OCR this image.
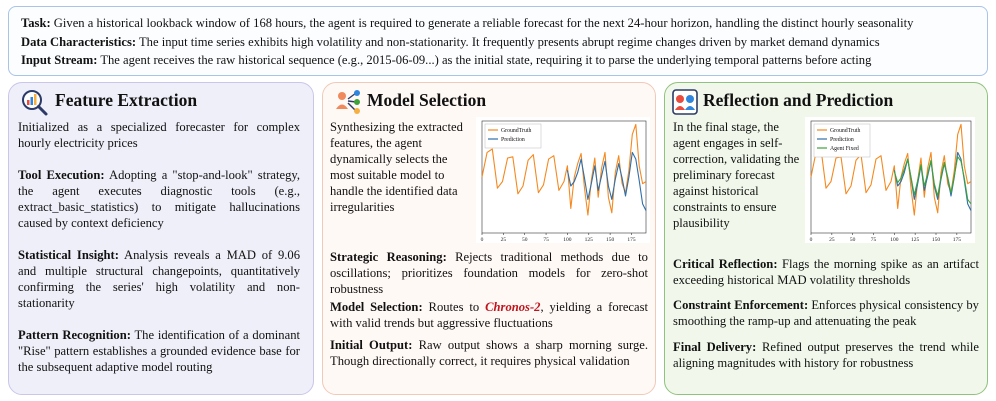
Task: Given a historical lookback window of 168 hours, the agent is required to generate a reliable forecast for the next 24-hour horizon, handling the distinct hourly seasonality
Data Characteristics: The input time series exhibits high volatility and non-stationarity. It frequently presents abrupt regime changes driven by market demand dynamics
Input Stream: The agent receives the raw historical sequence (e.g., 2015-06-09...) as the initial state, requiring it to parse the underlying temporal patterns before acting
Feature Extraction
Initialized as a specialized forecaster for complex hourly electricity prices
Tool Execution: Adopting a "stop-and-look" strategy, the agent executes diagnostic tools (e.g., extract_basic_statistics) to mitigate hallucinations caused by context deficiency
Statistical Insight: Analysis reveals a MAD of 9.06 and multiple structural changepoints, quantitatively confirming the series' high volatility and non-stationarity
Pattern Recognition: The identification of a dominant "Rise" pattern establishes a grounded evidence base for the subsequent adaptive model routing
Model Selection
Synthesizing the extracted features, the agent dynamically selects the most suitable model to handle the identified data irregularities
0	25	50	75	100 125 150 175
GroundTruth
Prediction
Strategic Reasoning: Rejects traditional methods due to oscillations; prioritizes foundation models for zero-shot robustness
Model Selection: Routes to Chronos-2, yielding a forecast with valid trends but aggressive fluctuations
Initial Output: Raw output shows a sharp morning surge. Though directionally correct, it requires physical validation
Reflection and Prediction
In the final stage, the agent engages in self-correction, validating the preliminary forecast against historical constraints to ensure plausibility
0	25	50	75	100 125 150 175
GroundTruth
Prediction
Agent Fixed
Critical Reflection: Flags the morning spike as an artifact exceeding historical MAD volatility thresholds
Constraint Enforcement: Enforces physical consistency by smoothing the ramp-up and attenuating the peak
Final Delivery: Refined output preserves the trend while aligning magnitudes with history for robustness
